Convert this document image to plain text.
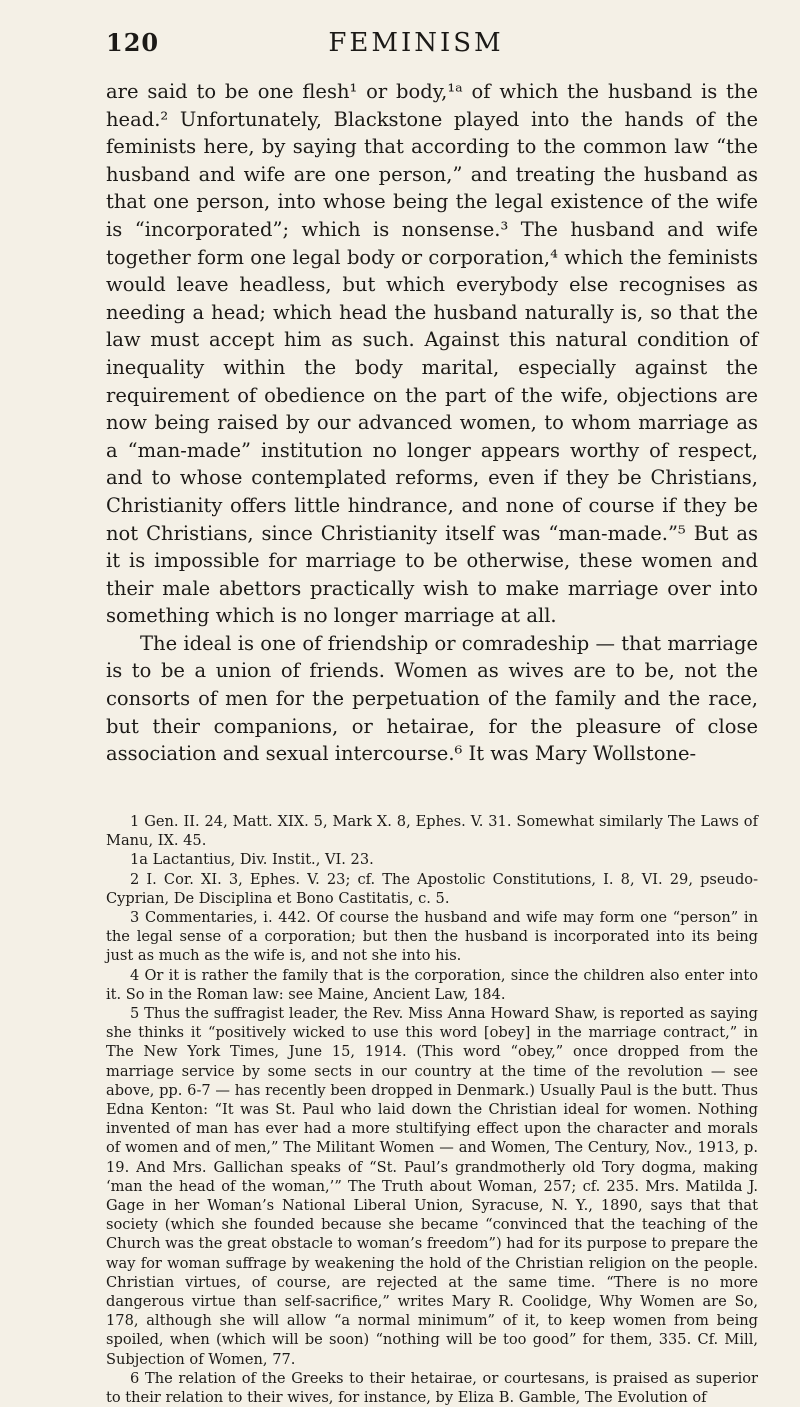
120	FEMINISM

are said to be one flesh¹ or body,¹ᵃ of which the husband is the head.² Unfortunately, Blackstone played into the hands of the feminists here, by saying that according to the common law “the husband and wife are one person,” and treating the husband as that one person, into whose being the legal existence of the wife is “incorporated”; which is nonsense.³ The husband and wife together form one legal body or corporation,⁴ which the feminists would leave headless, but which everybody else recognises as needing a head; which head the husband naturally is, so that the law must accept him as such. Against this natural condition of inequality within the body marital, especially against the requirement of obedience on the part of the wife, objections are now being raised by our advanced women, to whom marriage as a “man-made” institution no longer appears worthy of respect, and to whose contemplated reforms, even if they be Christians, Christianity offers little hindrance, and none of course if they be not Christians, since Christianity itself was “man-made.”⁵ But as it is impossible for marriage to be otherwise, these women and their male abettors practically wish to make marriage over into something which is no longer marriage at all.

The ideal is one of friendship or comradeship — that marriage is to be a union of friends. Women as wives are to be, not the consorts of men for the perpetuation of the family and the race, but their companions, or hetairae, for the pleasure of close association and sexual intercourse.⁶ It was Mary Wollstone-

1 Gen. II. 24, Matt. XIX. 5, Mark X. 8, Ephes. V. 31. Somewhat similarly The Laws of Manu, IX. 45.

1a Lactantius, Div. Instit., VI. 23.

2 I. Cor. XI. 3, Ephes. V. 23; cf. The Apostolic Constitutions, I. 8, VI. 29, pseudo-Cyprian, De Disciplina et Bono Castitatis, c. 5.

3 Commentaries, i. 442. Of course the husband and wife may form one “person” in the legal sense of a corporation; but then the husband is incorporated into its being just as much as the wife is, and not she into his.

4 Or it is rather the family that is the corporation, since the children also enter into it. So in the Roman law: see Maine, Ancient Law, 184.

5 Thus the suffragist leader, the Rev. Miss Anna Howard Shaw, is reported as saying she thinks it “positively wicked to use this word [obey] in the marriage contract,” in The New York Times, June 15, 1914. (This word “obey,” once dropped from the marriage service by some sects in our country at the time of the revolution — see above, pp. 6-7 — has recently been dropped in Denmark.) Usually Paul is the butt. Thus Edna Kenton: “It was St. Paul who laid down the Christian ideal for women. Nothing invented of man has ever had a more stultifying effect upon the character and morals of women and of men,” The Militant Women — and Women, The Century, Nov., 1913, p. 19. And Mrs. Gallichan speaks of “St. Paul’s grandmotherly old Tory dogma, making ‘man the head of the woman,’” The Truth about Woman, 257; cf. 235. Mrs. Matilda J. Gage in her Woman’s National Liberal Union, Syracuse, N. Y., 1890, says that that society (which she founded because she became “convinced that the teaching of the Church was the great obstacle to woman’s freedom”) had for its purpose to prepare the way for woman suffrage by weakening the hold of the Christian religion on the people. Christian virtues, of course, are rejected at the same time. “There is no more dangerous virtue than self-sacrifice,” writes Mary R. Coolidge, Why Women are So, 178, although she will allow “a normal minimum” of it, to keep women from being spoiled, when (which will be soon) “nothing will be too good” for them, 335. Cf. Mill, Subjection of Women, 77.

6 The relation of the Greeks to their hetairae, or courtesans, is praised as superior to their relation to their wives, for instance, by Eliza B. Gamble, The Evolution of
